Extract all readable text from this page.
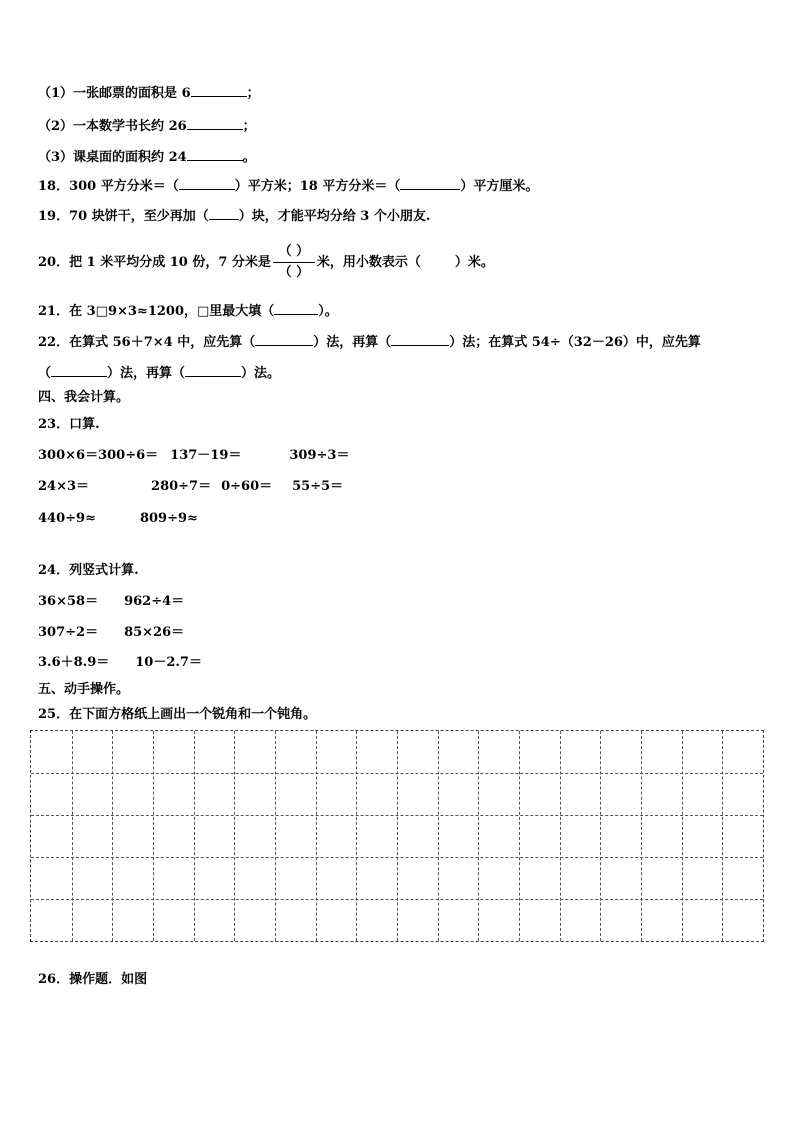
（1）一张邮票的面积是 6	；
（2）一本数学书长约 26	；
（3）课桌面的面积约 24	。
18．300 平方分米＝（	）平方米；18 平方分米＝（	）平方厘米。
19．70 块饼干，至少再加（ ）块，才能平均分给 3 个小朋友.
20．把 1 米平均分成 10 份，7 分米是 $\frac{( )}{( )}$ 米，用小数表示（	）米。
21．在 3□9×3≈1200，□里最大填（	）。
22．在算式 56＋7×4 中，应先算（	）法，再算（	）法；在算式 54÷（32－26）中，应先算
（	）法，再算（	）法。
四、我会计算。
23．口算.
300×6＝300÷6＝ 137－19＝	309÷3＝
24×3＝	280÷7＝ 0÷60＝ 55÷5＝
440÷9≈	809÷9≈
24．列竖式计算.
36×58＝ 962÷4＝
307÷2＝ 85×26＝
3.6＋8.9＝ 10－2.7＝
五、动手操作。
25．在下面方格纸上画出一个锐角和一个钝角。
26．操作题．如图
